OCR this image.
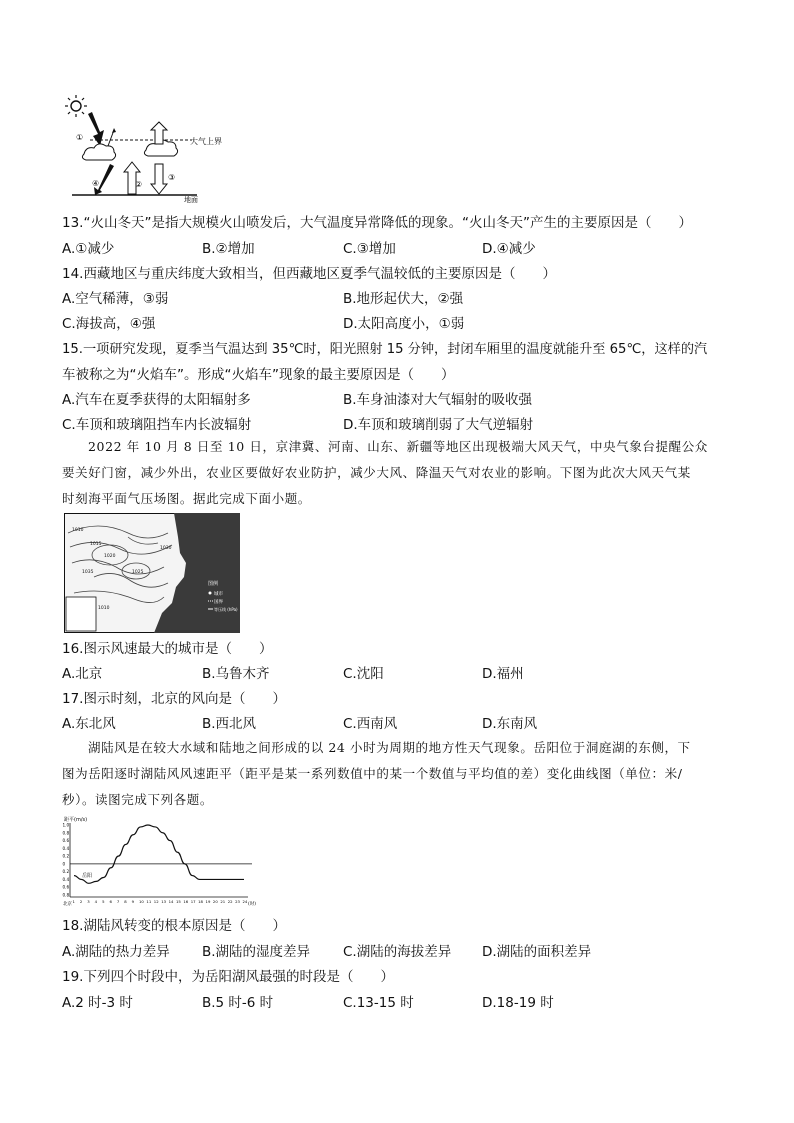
大气上界
地面
①
④	②
③
13.“火山冬天”是指大规模火山喷发后，大气温度异常降低的现象。“火山冬天”产生的主要原因是（　　）
A.①减少	B.②增加	C.③增加	D.④减少
14.西藏地区与重庆纬度大致相当，但西藏地区夏季气温较低的主要原因是（　　）
A.空气稀薄，③弱	B.地形起伏大，②强
C.海拔高，④强	D.太阳高度小，①弱
15.一项研究发现，夏季当气温达到 35℃时，阳光照射 15 分钟，封闭车厢里的温度就能升至 65℃，这样的汽
车被称之为“火焰车”。形成“火焰车”现象的最主要原因是（　　）
A.汽车在夏季获得的太阳辐射多	B.车身油漆对大气辐射的吸收强
C.车顶和玻璃阻挡车内长波辐射	D.车顶和玻璃削弱了大气逆辐射
2022 年 10 月 8 日至 10 日，京津冀、河南、山东、新疆等地区出现极端大风天气，中央气象台提醒公众
要关好门窗，减少外出，农业区要做好农业防护，减少大风、降温天气对农业的影响。下图为此次大风天气某
时刻海平面气压场图。据此完成下面小题。
图例
城市
国界
等压线 (hPa)
1010
1015
1020
1025
1030
1035
1010
16.图示风速最大的城市是（　　）
A.北京	B.乌鲁木齐	C.沈阳	D.福州
17.图示时刻，北京的风向是（　　）
A.东北风	B.西北风	C.西南风	D.东南风
湖陆风是在较大水域和陆地之间形成的以 24 小时为周期的地方性天气现象。岳阳位于洞庭湖的东侧，下
图为岳阳逐时湖陆风风速距平（距平是某一系列数值中的某一个数值与平均值的差）变化曲线图（单位：米/
秒）。读图完成下列各题。
距平(m/s)
1.0
0.8
0.6
0.4
0.2
0
0.2
0.4
0.6
0.8
1 2 3 4 5 6 7 8 9 10 11 12 13 14 15 16 17 18 19 20 21 22 23 24
岳阳
北京	(时)
18.湖陆风转变的根本原因是（　　）
A.湖陆的热力差异 B.湖陆的湿度差异 C.湖陆的海拔差异 D.湖陆的面积差异
19.下列四个时段中，为岳阳湖风最强的时段是（　　）
A.2 时-3 时	B.5 时-6 时	C.13-15 时	D.18-19 时
